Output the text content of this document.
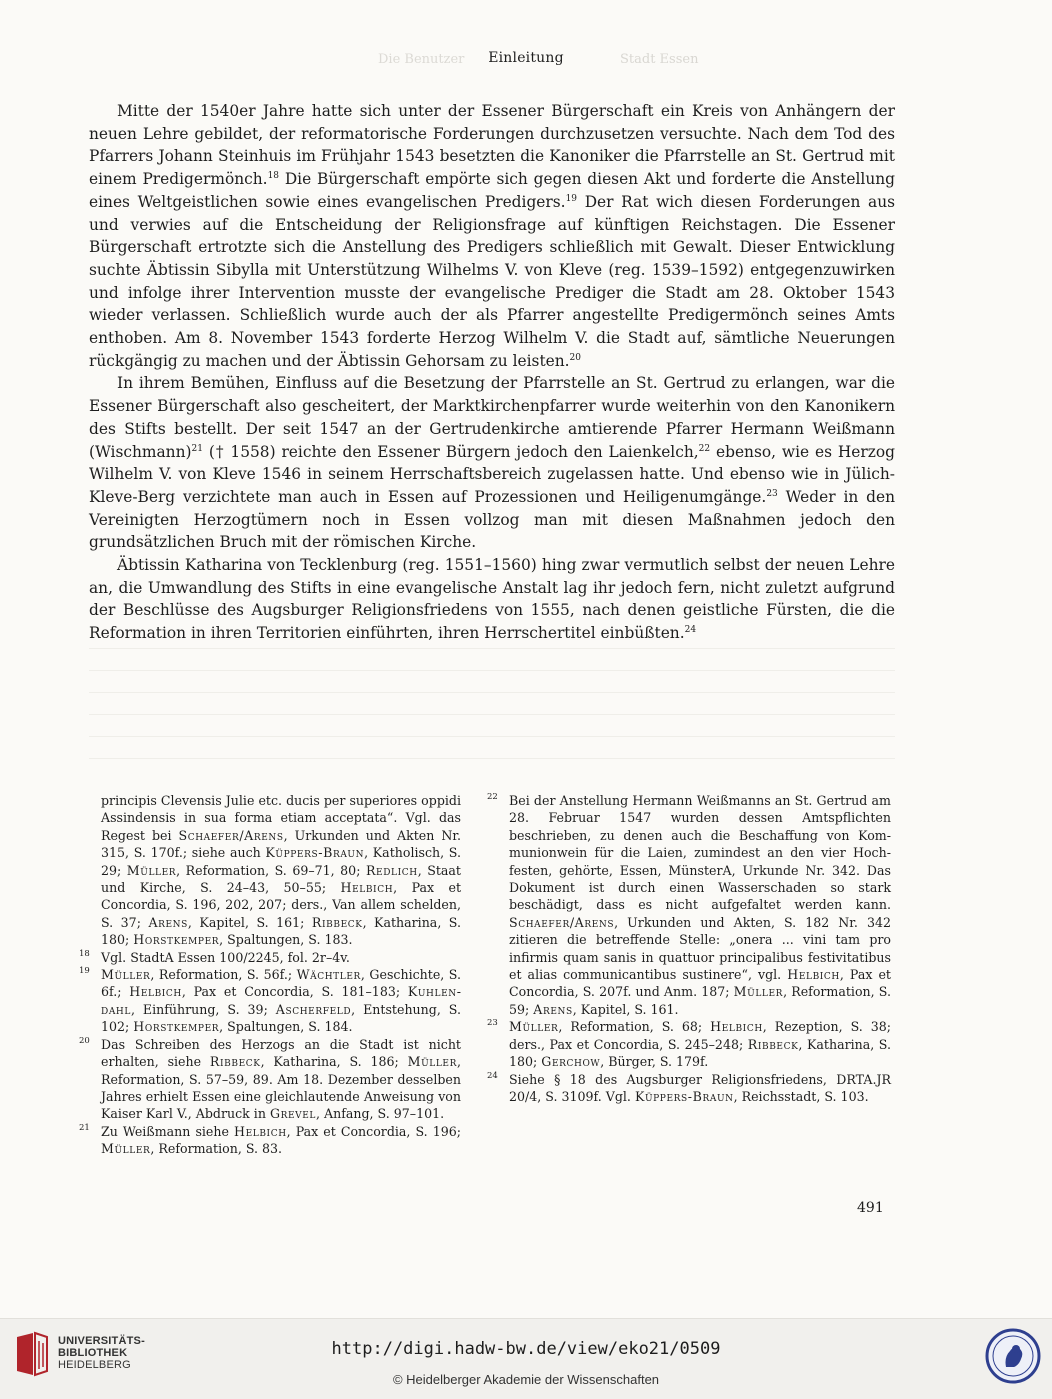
Die Benutzer	Stadt Essen
Einleitung

Mitte der 1540er Jahre hatte sich unter der Essener Bürgerschaft ein Kreis von Anhängern der neuen Lehre gebildet, der reformatorische Forderungen durchzusetzen versuchte. Nach dem Tod des Pfarrers Johann Steinhuis im Frühjahr 1543 besetzten die Kanoniker die Pfarrstelle an St. Gertrud mit einem Predigermönch.$^{18}$ Die Bürgerschaft empörte sich gegen diesen Akt und forderte die Anstellung eines Weltgeistlichen sowie eines evangelischen Predigers.$^{19}$ Der Rat wich diesen Forderungen aus und verwies auf die Entscheidung der Religionsfrage auf künftigen Reichstagen. Die Essener Bürgerschaft ertrotzte sich die Anstellung des Predigers schließlich mit Gewalt. Dieser Entwicklung suchte Äbtissin Sibylla mit Unterstützung Wilhelms V. von Kleve (reg. 1539–1592) entgegenzuwirken und infolge ihrer Intervention musste der evangelische Prediger die Stadt am 28. Oktober 1543 wieder verlassen. Schließlich wurde auch der als Pfarrer angestellte Predigermönch seines Amts enthoben. Am 8. November 1543 forderte Herzog Wilhelm V. die Stadt auf, sämtliche Neuerungen rückgängig zu machen und der Äbtissin Gehorsam zu leisten.$^{20}$

In ihrem Bemühen, Einfluss auf die Besetzung der Pfarrstelle an St. Gertrud zu erlangen, war die Essener Bürgerschaft also gescheitert, der Marktkirchenpfarrer wurde weiterhin von den Kanonikern des Stifts bestellt. Der seit 1547 an der Gertrudenkirche amtierende Pfarrer Hermann Weißmann (Wischmann)$^{21}$ († 1558) reichte den Essener Bürgern jedoch den Laienkelch,$^{22}$ ebenso, wie es Herzog Wilhelm V. von Kleve 1546 in seinem Herrschaftsbereich zugelassen hatte. Und ebenso wie in Jülich-Kleve-Berg verzichtete man auch in Essen auf Prozessionen und Heiligenumgänge.$^{23}$ Weder in den Vereinigten Herzogtümern noch in Essen vollzog man mit diesen Maßnahmen jedoch den grundsätzlichen Bruch mit der römischen Kirche.

Äbtissin Katharina von Tecklenburg (reg. 1551–1560) hing zwar vermutlich selbst der neuen Lehre an, die Umwandlung des Stifts in eine evangelische Anstalt lag ihr jedoch fern, nicht zuletzt aufgrund der Beschlüsse des Augsburger Religionsfriedens von 1555, nach denen geistliche Fürsten, die die Reformation in ihren Territorien einführten, ihren Herrschertitel einbüßten.$^{24}$

principis Clevensis Julie etc. ducis per superiores oppidi Assindensis in sua forma etiam acceptata“. Vgl. das Regest bei Schaefer/Arens, Urkunden und Akten Nr. 315, S. 170f.; siehe auch Küppers-Braun, Katholisch, S. 29; Müller, Reformation, S. 69–71, 80; Redlich, Staat und Kirche, S. 24–43, 50–55; Helbich, Pax et Concordia, S. 196, 202, 207; ders., Van allem schelden, S. 37; Arens, Kapitel, S. 161; Ribbeck, Katharina, S. 180; Horstkemper, Spaltungen, S. 183.

18 Vgl. StadtA Essen 100/2245, fol. 2r–4v.

19 Müller, Reformation, S. 56f.; Wächtler, Geschichte, S. 6f.; Helbich, Pax et Concordia, S. 181–183; Kuhlendahl, Einführung, S. 39; Ascherfeld, Entstehung, S. 102; Horstkemper, Spaltungen, S. 184.

20 Das Schreiben des Herzogs an die Stadt ist nicht erhalten, siehe Ribbeck, Katharina, S. 186; Müller, Reformation, S. 57–59, 89. Am 18. Dezember desselben Jahres erhielt Essen eine gleichlautende Anweisung von Kaiser Karl V., Abdruck in Grevel, Anfang, S. 97–101.

21 Zu Weißmann siehe Helbich, Pax et Concordia, S. 196; Müller, Reformation, S. 83.

22 Bei der Anstellung Hermann Weißmanns an St. Gertrud am 28. Februar 1547 wurden dessen Amtspflichten beschrieben, zu denen auch die Beschaffung von Kommunionwein für die Laien, zumindest an den vier Hochfesten, gehörte, Essen, MünsterA, Urkunde Nr. 342. Das Dokument ist durch einen Wasserschaden so stark beschädigt, dass es nicht aufgefaltet werden kann. Schaefer/Arens, Urkunden und Akten, S. 182 Nr. 342 zitieren die betreffende Stelle: „onera ... vini tam pro infirmis quam sanis in quattuor principalibus festivitatibus et alias communicantibus sustinere“, vgl. Helbich, Pax et Concordia, S. 207f. und Anm. 187; Müller, Reformation, S. 59; Arens, Kapitel, S. 161.

23 Müller, Reformation, S. 68; Helbich, Rezeption, S. 38; ders., Pax et Concordia, S. 245–248; Ribbeck, Katharina, S. 180; Gerchow, Bürger, S. 179f.

24 Siehe § 18 des Augsburger Religionsfriedens, DRTA.JR 20/4, S. 3109f. Vgl. Küppers-Braun, Reichsstadt, S. 103.

491
UNIVERSITÄTS-
BIBLIOTHEK
HEIDELBERG
http://digi.hadw-bw.de/view/eko21/0509
© Heidelberger Akademie der Wissenschaften
